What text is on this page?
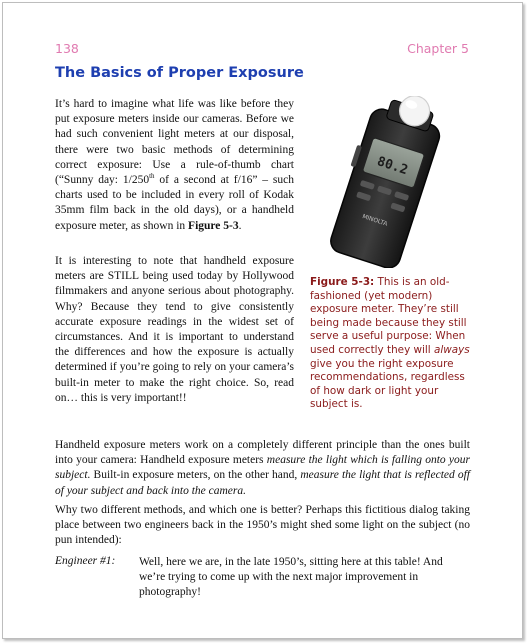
138	Chapter 5
The Basics of Proper Exposure

It’s hard to imagine what life was like before they put exposure meters inside our cameras. Before we had such convenient light meters at our disposal, there were two basic methods of determining correct exposure: Use a rule-of-thumb chart (“Sunny day: 1/250th of a second at f/16” – such charts used to be included in every roll of Kodak 35mm film back in the old days), or a handheld exposure meter, as shown in Figure 5-3.

It is interesting to note that handheld exposure meters are STILL being used today by Hollywood filmmakers and anyone serious about photography. Why? Because they tend to give consistently accurate exposure readings in the widest set of circumstances. And it is important to understand the differences and how the exposure is actually determined if you’re going to rely on your camera’s built-in meter to make the right choice. So, read on… this is very important!!

80.2
MINOLTA

Figure 5-3: This is an old-fashioned (yet modern) exposure meter. They’re still being made because they still serve a useful purpose: When used correctly they will always give you the right exposure recommendations, regardless of how dark or light your subject is.

Handheld exposure meters work on a completely different principle than the ones built into your camera: Handheld exposure meters measure the light which is falling onto your subject. Built-in exposure meters, on the other hand, measure the light that is reflected off of your subject and back into the camera.

Why two different methods, and which one is better? Perhaps this fictitious dialog taking place between two engineers back in the 1950’s might shed some light on the subject (no pun intended):

Engineer #1: Well, here we are, in the late 1950’s, sitting here at this table! And we’re trying to come up with the next major improvement in photography!
